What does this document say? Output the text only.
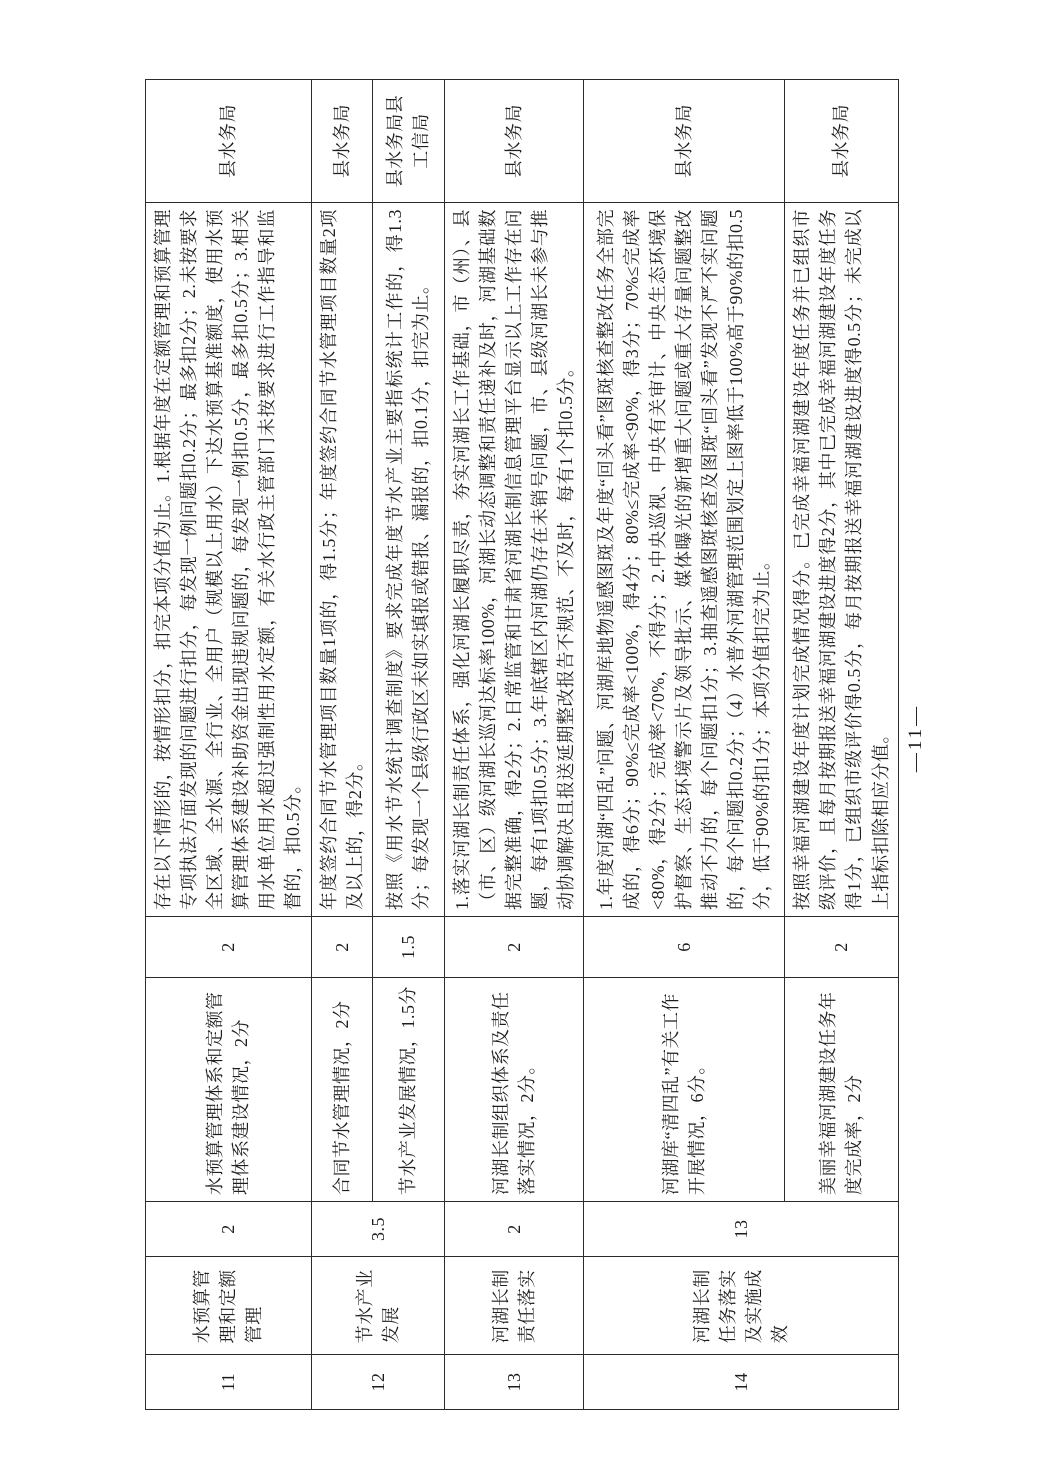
11	水预算管理和定额管理	2	水预算管理体系和定额管理体系建设情况，2分	2	存在以下情形的，按情形扣分，扣完本项分值为止。1.根据年度在定额管理和预算管理专项执法方面发现的问题进行扣分，每发现一例问题扣0.2分；最多扣2分；2.未按要求全区域、全水源、全行业、全用户（规模以上用水）下达水预算基准额度，使用水预算管理体系建设补助资金出现违规问题的，每发现一例扣0.5分，最多扣0.5分；3.相关用水单位用水超过强制性用水定额，有关水行政主管部门未按要求进行工作指导和监督的，扣0.5分。	县水务局

12	节水产业发展	3.5	合同节水管理情况，2分	2	年度签约合同节水管理项目数量1项的，得1.5分；年度签约合同节水管理项目数量2项及以上的，得2分。	县水务局

			节水产业发展情况，1.5分	1.5	按照《用水节水统计调查制度》要求完成年度节水产业主要指标统计工作的，得1.3分；每发现一个县级行政区未如实填报或错报、漏报的，扣0.1分，扣完为止。	县水务局县工信局

13	河湖长制责任落实	2	河湖长制组织体系及责任落实情况，2分。	2	1.落实河湖长制责任体系，强化河湖长履职尽责，夯实河湖长工作基础，市（州）、县（市、区）级河湖长巡河达标率100%，河湖长动态调整和责任递补及时，河湖基础数据完整准确，得2分；2.日常监管和甘肃省河湖长制信息管理平台显示以上工作存在问题，每有1项扣0.5分；3.年底辖区内河湖仍存在未销号问题，市、县级河湖长未参与推动协调解决且报送延期整改报告不规范、不及时，每有1个扣0.5分。	县水务局

14	河湖长制任务落实及实施成效	13	河湖库“清四乱”有关工作开展情况，6分。	6	1.年度河湖“四乱”问题、河湖库地物遥感图斑及年度“回头看”图斑核查整改任务全部完成的，得6分；90%≤完成率<100%，得4分；80%≤完成率<90%，得3分；70%≤完成率<80%，得2分；完成率<70%，不得分；2.中央巡视、中央有关审计、中央生态环境保护督察、生态环境警示片及领导批示、媒体曝光的新增重大问题或重大存量问题整改推动不力的，每个问题扣1分；3.抽查遥感图斑核查及图斑“回头看”发现不严不实问题的，每个问题扣0.2分；（4）水普外河湖管理范围划定上图率低于100%高于90%的扣0.5分，低于90%的扣1分；本项分值扣完为止。	县水务局

			美丽幸福河湖建设任务年度完成率，2分	2	按照幸福河湖建设年度计划完成情况得分。已完成幸福河湖建设年度任务并已组织市级评价，且每月按期报送幸福河湖建设进度得2分，其中已完成幸福河湖建设年度任务得1分，已组织市级评价得0.5分，每月按期报送幸福河湖建设进度得0.5分；未完成以上指标扣除相应分值。	县水务局
—11—
